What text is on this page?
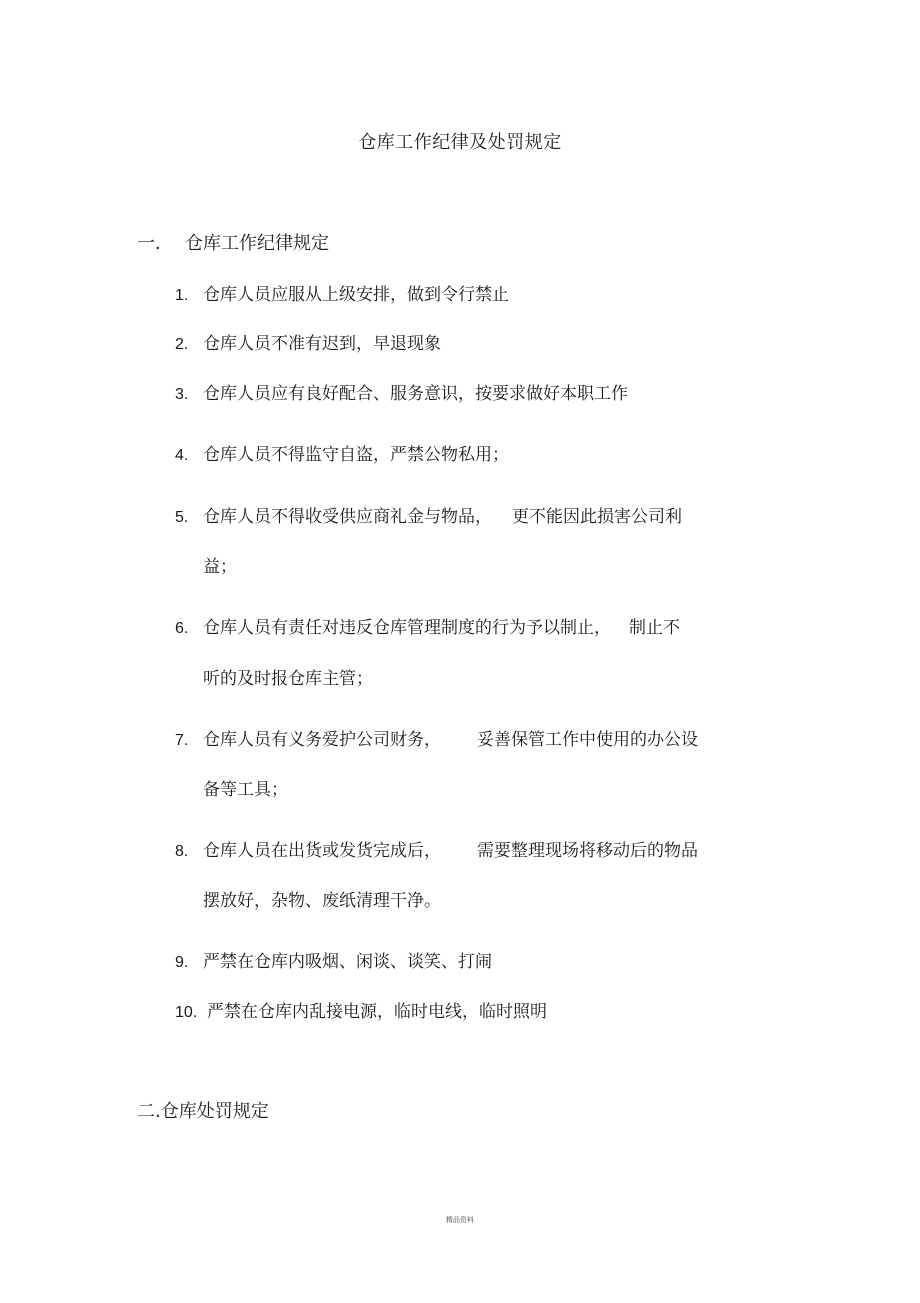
仓库工作纪律及处罚规定
一. 仓库工作纪律规定
1. 仓库人员应服从上级安排，做到令行禁止
2. 仓库人员不准有迟到，早退现象
3. 仓库人员应有良好配合、服务意识，按要求做好本职工作
4. 仓库人员不得监守自盗，严禁公物私用；
5. 仓库人员不得收受供应商礼金与物品， 更不能因此损害公司利
益；
6. 仓库人员有责任对违反仓库管理制度的行为予以制止， 制止不
听的及时报仓库主管；
7. 仓库人员有义务爱护公司财务， 妥善保管工作中使用的办公设
备等工具；
8. 仓库人员在出货或发货完成后， 需要整理现场将移动后的物品
摆放好，杂物、废纸清理干净。
9. 严禁在仓库内吸烟、闲谈、谈笑、打闹
10. 严禁在仓库内乱接电源，临时电线，临时照明
二.仓库处罚规定
精品资料
